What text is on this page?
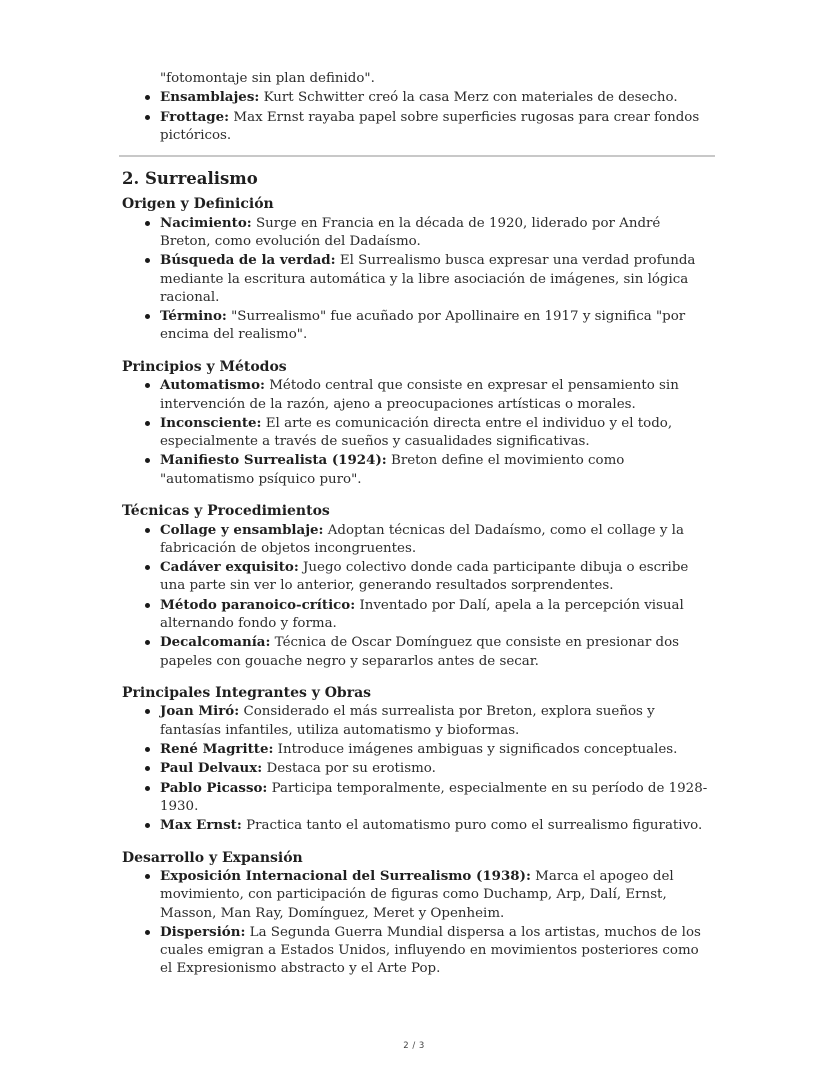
"fotomontaje sin plan definido".
Ensamblajes: Kurt Schwitter creó la casa Merz con materiales de desecho.
Frottage: Max Ernst rayaba papel sobre superficies rugosas para crear fondos pictóricos.
2. Surrealismo
Origen y Definición
Nacimiento: Surge en Francia en la década de 1920, liderado por André Breton, como evolución del Dadaísmo.
Búsqueda de la verdad: El Surrealismo busca expresar una verdad profunda mediante la escritura automática y la libre asociación de imágenes, sin lógica racional.
Término: "Surrealismo" fue acuñado por Apollinaire en 1917 y significa "por encima del realismo".
Principios y Métodos
Automatismo: Método central que consiste en expresar el pensamiento sin intervención de la razón, ajeno a preocupaciones artísticas o morales.
Inconsciente: El arte es comunicación directa entre el individuo y el todo, especialmente a través de sueños y casualidades significativas.
Manifiesto Surrealista (1924): Breton define el movimiento como "automatismo psíquico puro".
Técnicas y Procedimientos
Collage y ensamblaje: Adoptan técnicas del Dadaísmo, como el collage y la fabricación de objetos incongruentes.
Cadáver exquisito: Juego colectivo donde cada participante dibuja o escribe una parte sin ver lo anterior, generando resultados sorprendentes.
Método paranoico-crítico: Inventado por Dalí, apela a la percepción visual alternando fondo y forma.
Decalcomanía: Técnica de Oscar Domínguez que consiste en presionar dos papeles con gouache negro y separarlos antes de secar.
Principales Integrantes y Obras
Joan Miró: Considerado el más surrealista por Breton, explora sueños y fantasías infantiles, utiliza automatismo y bioformas.
René Magritte: Introduce imágenes ambiguas y significados conceptuales.
Paul Delvaux: Destaca por su erotismo.
Pablo Picasso: Participa temporalmente, especialmente en su período de 1928-1930.
Max Ernst: Practica tanto el automatismo puro como el surrealismo figurativo.
Desarrollo y Expansión
Exposición Internacional del Surrealismo (1938): Marca el apogeo del movimiento, con participación de figuras como Duchamp, Arp, Dalí, Ernst, Masson, Man Ray, Domínguez, Meret y Openheim.
Dispersión: La Segunda Guerra Mundial dispersa a los artistas, muchos de los cuales emigran a Estados Unidos, influyendo en movimientos posteriores como el Expresionismo abstracto y el Arte Pop.
2 / 3
